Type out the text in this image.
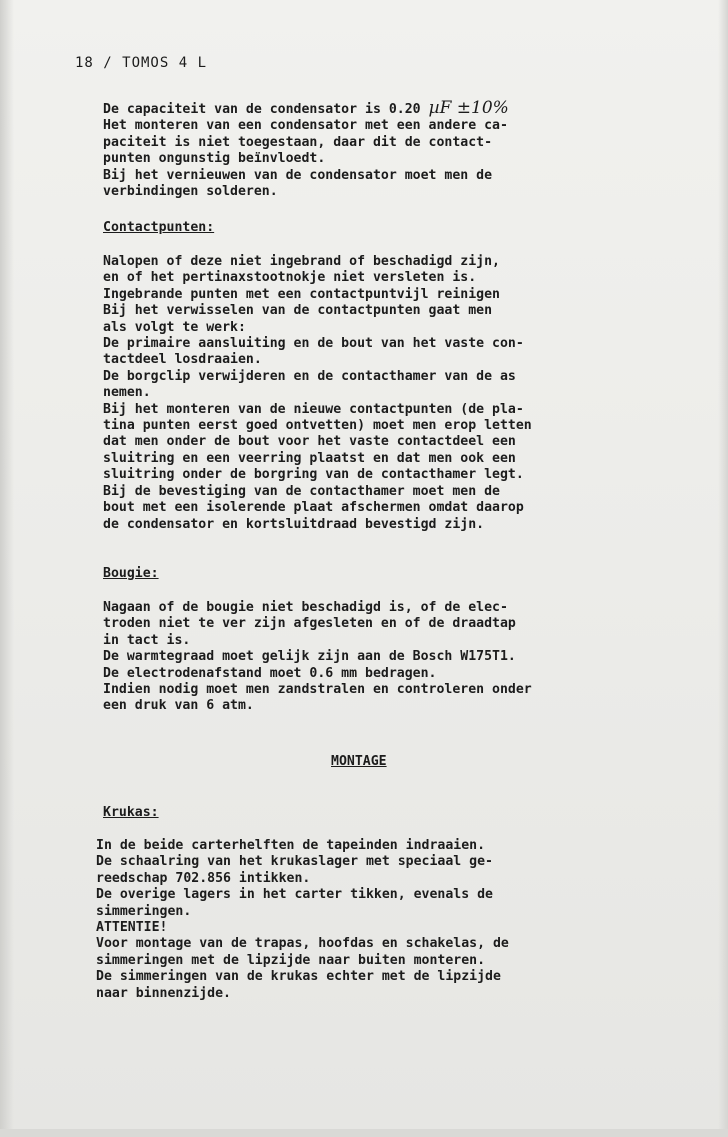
18 / TOMOS 4 L
De capaciteit van de condensator is 0.20 µF ±10%
Het monteren van een condensator met een andere ca-
paciteit is niet toegestaan, daar dit de contact-
punten ongunstig beïnvloedt.
Bij het vernieuwen van de condensator moet men de
verbindingen solderen.
Contactpunten:
Nalopen of deze niet ingebrand of beschadigd zijn,
en of het pertinaxstootnokje niet versleten is.
Ingebrande punten met een contactpuntvijl reinigen
Bij het verwisselen van de contactpunten gaat men
als volgt te werk:
De primaire aansluiting en de bout van het vaste con-
tactdeel losdraaien.
De borgclip verwijderen en de contacthamer van de as
nemen.
Bij het monteren van de nieuwe contactpunten (de pla-
tina punten eerst goed ontvetten) moet men erop letten
dat men onder de bout voor het vaste contactdeel een
sluitring en een veerring plaatst en dat men ook een
sluitring onder de borgring van de contacthamer legt.
Bij de bevestiging van de contacthamer moet men de
bout met een isolerende plaat afschermen omdat daarop
de condensator en kortsluitdraad bevestigd zijn.
Bougie:
Nagaan of de bougie niet beschadigd is, of de elec-
troden niet te ver zijn afgesleten en of de draadtap
in tact is.
De warmtegraad moet gelijk zijn aan de Bosch W175T1.
De electrodenafstand moet 0.6 mm bedragen.
Indien nodig moet men zandstralen en controleren onder
een druk van 6 atm.
MONTAGE
Krukas:
In de beide carterhelften de tapeinden indraaien.
De schaalring van het krukaslager met speciaal ge-
reedschap 702.856 intikken.
De overige lagers in het carter tikken, evenals de
simmeringen.
ATTENTIE!
Voor montage van de trapas, hoofdas en schakelas, de
simmeringen met de lipzijde naar buiten monteren.
De simmeringen van de krukas echter met de lipzijde
naar binnenzijde.
